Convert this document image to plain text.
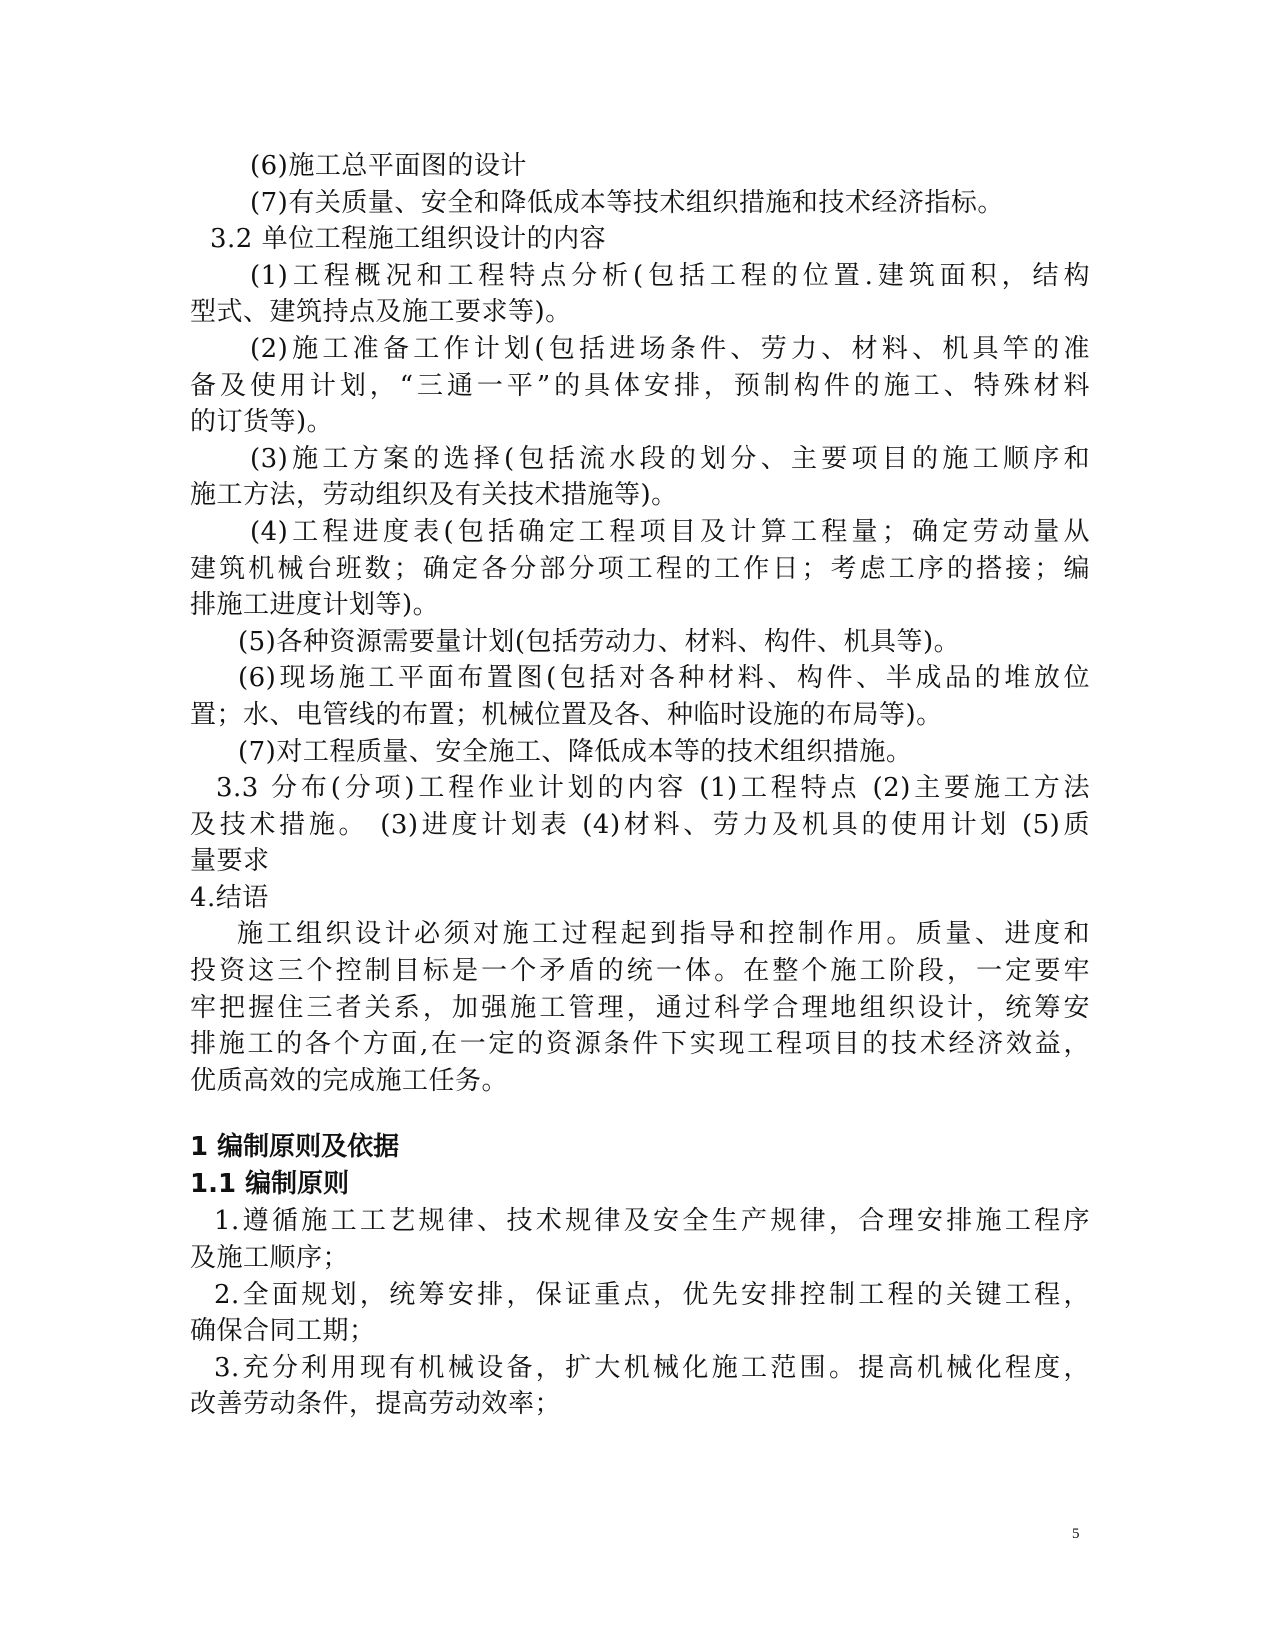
(6)施工总平面图的设计
(7)有关质量、安全和降低成本等技术组织措施和技术经济指标。
3.2 单位工程施工组织设计的内容
(1)工程概况和工程特点分析(包括工程的位置.建筑面积，结构
型式、建筑持点及施工要求等)。
(2)施工准备工作计划(包括进场条件、劳力、材料、机具竿的准
备及使用计划，“三通一平”的具体安排，预制构件的施工、特殊材料
的订货等)。
(3)施工方案的选择(包括流水段的划分、主要项目的施工顺序和
施工方法，劳动组织及有关技术措施等)。
(4)工程进度表(包括确定工程项目及计算工程量；确定劳动量从
建筑机械台班数；确定各分部分项工程的工作日；考虑工序的搭接；编
排施工进度计划等)。
(5)各种资源需要量计划(包括劳动力、材料、构件、机具等)。
(6)现场施工平面布置图(包括对各种材料、构件、半成品的堆放位
置；水、电管线的布置；机械位置及各、种临时设施的布局等)。
(7)对工程质量、安全施工、降低成本等的技术组织措施。
3.3 分布(分项)工程作业计划的内容 (1)工程特点 (2)主要施工方法
及技术措施。 (3)进度计划表 (4)材料、劳力及机具的使用计划 (5)质
量要求
4.结语
施工组织设计必须对施工过程起到指导和控制作用。质量、进度和
投资这三个控制目标是一个矛盾的统一体。在整个施工阶段，一定要牢
牢把握住三者关系，加强施工管理，通过科学合理地组织设计，统筹安
排施工的各个方面,在一定的资源条件下实现工程项目的技术经济效益，
优质高效的完成施工任务。
1 编制原则及依据
1.1 编制原则
1.遵循施工工艺规律、技术规律及安全生产规律，合理安排施工程序
及施工顺序；
2.全面规划，统筹安排，保证重点，优先安排控制工程的关键工程，
确保合同工期；
3.充分利用现有机械设备，扩大机械化施工范围。提高机械化程度，
改善劳动条件，提高劳动效率；
5
